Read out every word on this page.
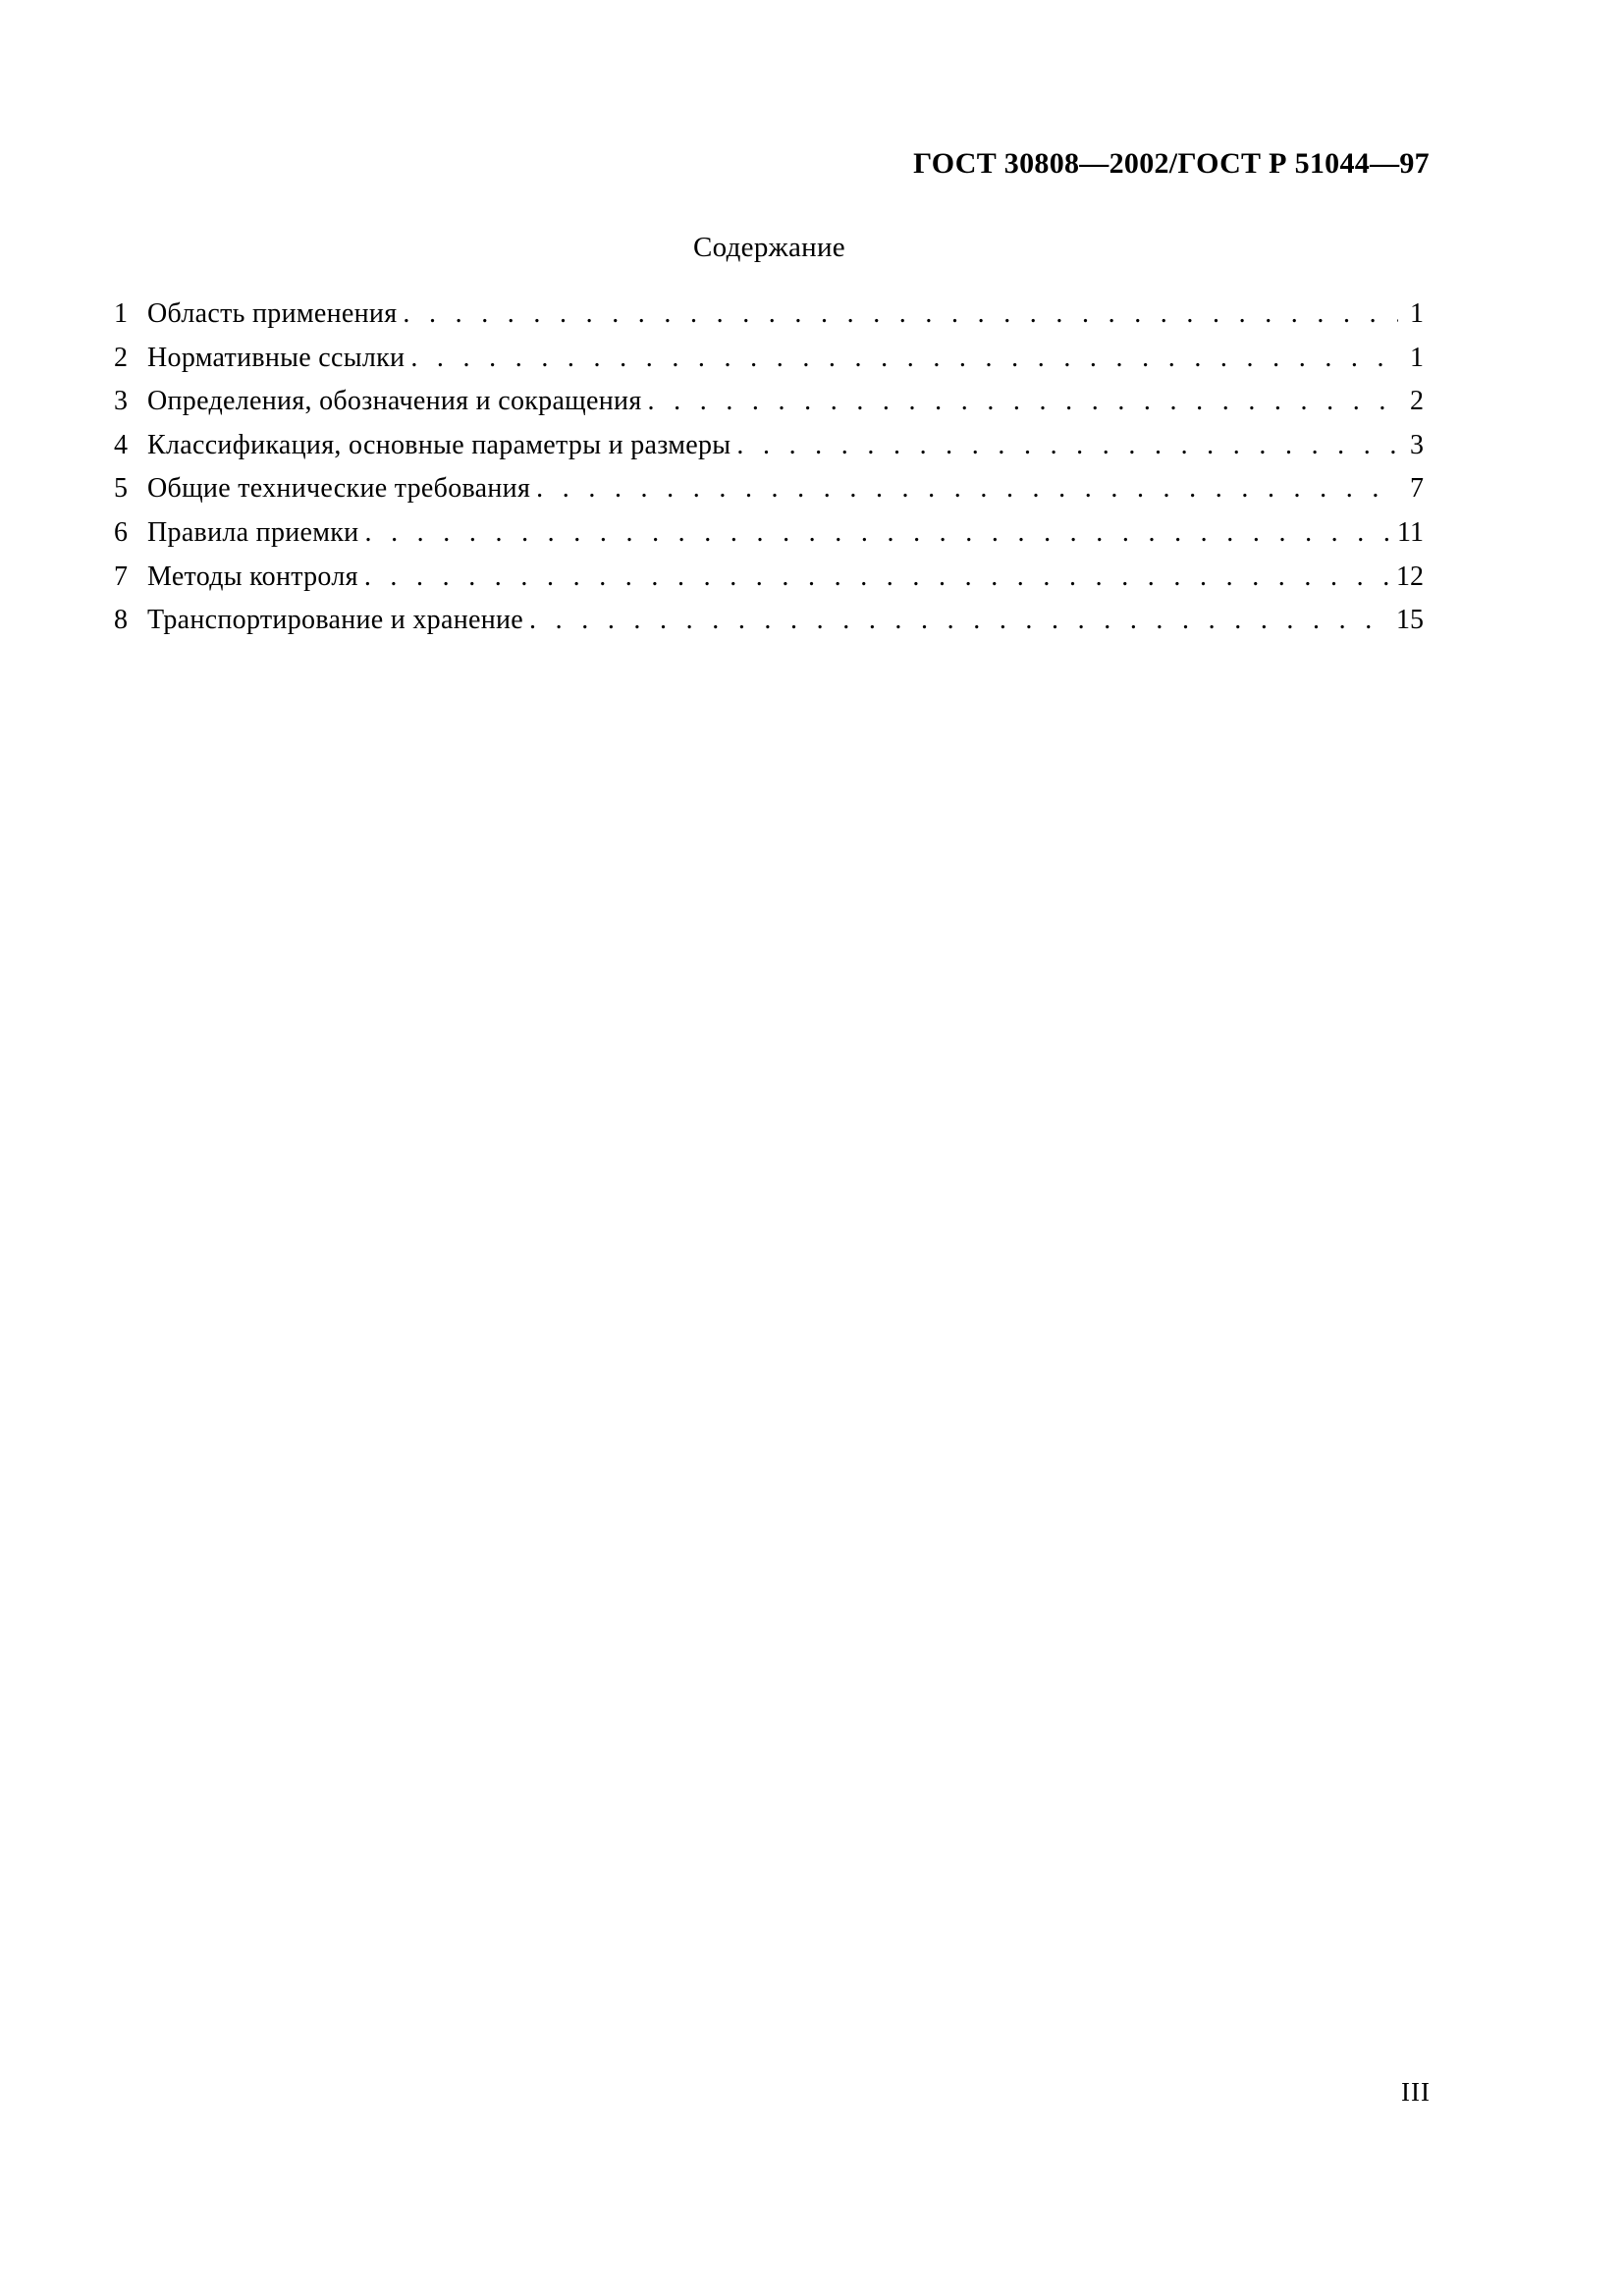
ГОСТ 30808—2002/ГОСТ Р 51044—97
Содержание
1 Область применения . . .	1
2 Нормативные ссылки . . .	1
3 Определения, обозначения и сокращения . . .	2
4 Классификация, основные параметры и размеры . . .	3
5 Общие технические требования . . .	7
6 Правила приемки . . .	11
7 Методы контроля . . .	12
8 Транспортирование и хранение . . .	15
III
